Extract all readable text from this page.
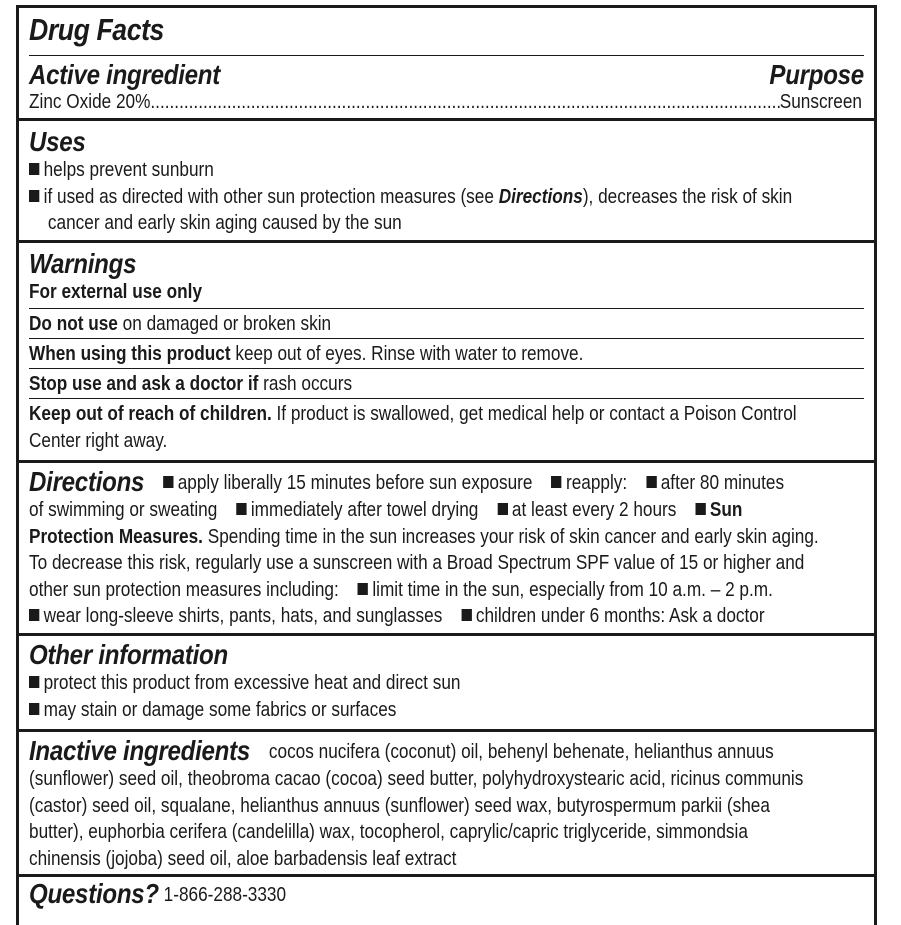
Drug Facts
Active ingredient	Purpose
Zinc Oxide 20%
.....	Sunscreen
Uses
helps prevent sunburn
if used as directed with other sun protection measures (see Directions), decreases the risk of skin
cancer and early skin aging caused by the sun
Warnings
For external use only
Do not use on damaged or broken skin
When using this product keep out of eyes. Rinse with water to remove.
Stop use and ask a doctor if rash occurs
Keep out of reach of children. If product is swallowed, get medical help or contact a Poison Control
Center right away.
Directions apply liberally 15 minutes before sun exposure reapply: after 80 minutes
of swimming or sweating immediately after towel drying at least every 2 hours Sun
Protection Measures. Spending time in the sun increases your risk of skin cancer and early skin aging.
To decrease this risk, regularly use a sunscreen with a Broad Spectrum SPF value of 15 or higher and
other sun protection measures including: limit time in the sun, especially from 10 a.m. – 2 p.m.
wear long-sleeve shirts, pants, hats, and sunglasses children under 6 months: Ask a doctor
Other information
protect this product from excessive heat and direct sun
may stain or damage some fabrics or surfaces
Inactive ingredients cocos nucifera (coconut) oil, behenyl behenate, helianthus annuus
(sunflower) seed oil, theobroma cacao (cocoa) seed butter, polyhydroxystearic acid, ricinus communis
(castor) seed oil, squalane, helianthus annuus (sunflower) seed wax, butyrospermum parkii (shea
butter), euphorbia cerifera (candelilla) wax, tocopherol, caprylic/capric triglyceride, simmondsia
chinensis (jojoba) seed oil, aloe barbadensis leaf extract
Questions? 1-866-288-3330
